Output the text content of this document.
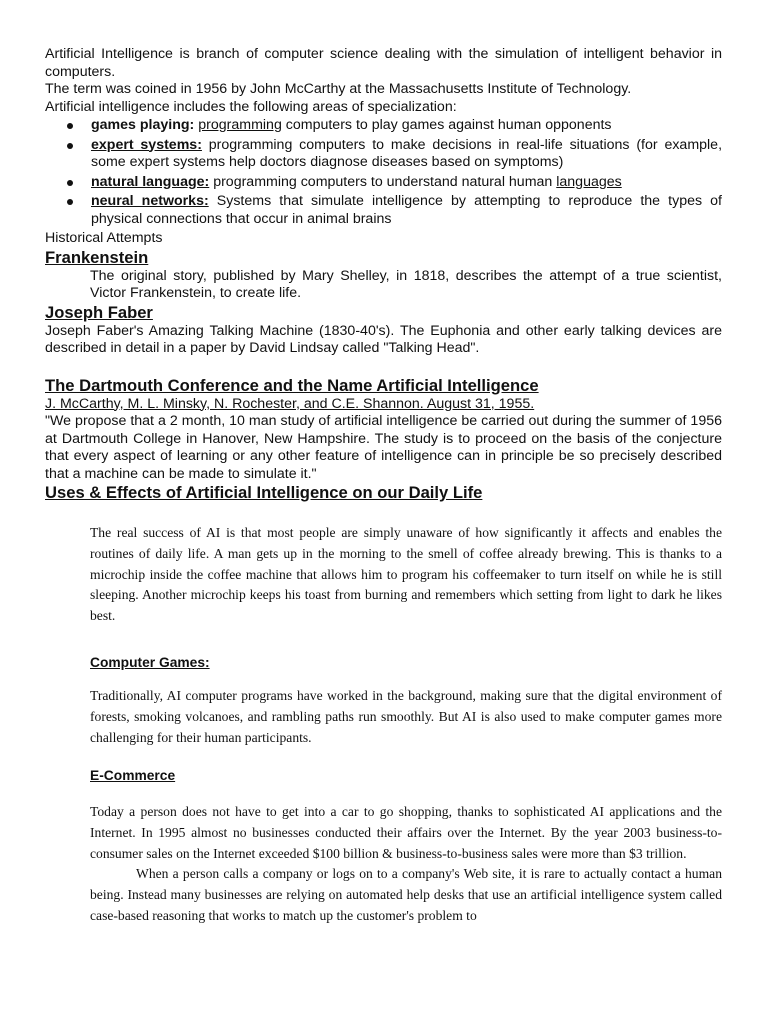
Artificial Intelligence is branch of computer science dealing with the simulation of intelligent behavior in computers.

The term was coined in 1956 by John McCarthy at the Massachusetts Institute of Technology.

Artificial intelligence includes the following areas of specialization:

games playing: programming computers to play games against human opponents
expert systems: programming computers to make decisions in real-life situations (for example, some expert systems help doctors diagnose diseases based on symptoms)
natural language: programming computers to understand natural human languages
neural networks: Systems that simulate intelligence by attempting to reproduce the types of physical connections that occur in animal brains

Historical Attempts

Frankenstein

The original story, published by Mary Shelley, in 1818, describes the attempt of a true scientist, Victor Frankenstein, to create life.

Joseph Faber

Joseph Faber's Amazing Talking Machine (1830-40's). The Euphonia and other early talking devices are described in detail in a paper by David Lindsay called "Talking Head".

The Dartmouth Conference and the Name Artificial Intelligence

J. McCarthy, M. L. Minsky, N. Rochester, and C.E. Shannon. August 31, 1955.

"We propose that a 2 month, 10 man study of artificial intelligence be carried out during the summer of 1956 at Dartmouth College in Hanover, New Hampshire. The study is to proceed on the basis of the conjecture that every aspect of learning or any other feature of intelligence can in principle be so precisely described that a machine can be made to simulate it."

Uses & Effects of Artificial Intelligence on our Daily Life

The real success of AI is that most people are simply unaware of how significantly it affects and enables the routines of daily life. A man gets up in the morning to the smell of coffee already brewing. This is thanks to a microchip inside the coffee machine that allows him to program his coffeemaker to turn itself on while he is still sleeping. Another microchip keeps his toast from burning and remembers which setting from light to dark he likes best.

Computer Games:

Traditionally, AI computer programs have worked in the background, making sure that the digital environment of forests, smoking volcanoes, and rambling paths run smoothly. But AI is also used to make computer games more challenging for their human participants.

E-Commerce

Today a person does not have to get into a car to go shopping, thanks to sophisticated AI applications and the Internet. In 1995 almost no businesses conducted their affairs over the Internet. By the year 2003 business-to-consumer sales on the Internet exceeded $100 billion & business-to-business sales were more than $3 trillion.

When a person calls a company or logs on to a company's Web site, it is rare to actually contact a human being. Instead many businesses are relying on automated help desks that use an artificial intelligence system called case-based reasoning that works to match up the customer's problem to
